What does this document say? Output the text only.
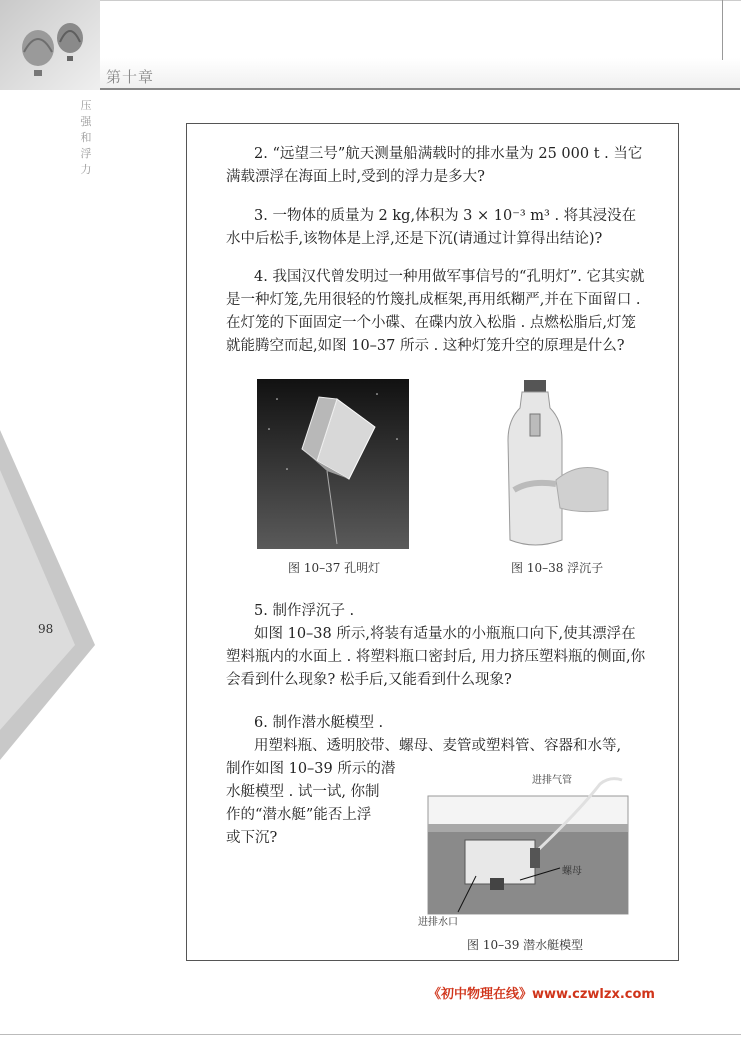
第十章
压强和浮力
98
2. “远望三号”航天测量船满载时的排水量为 25 000 t . 当它满载漂浮在海面上时,受到的浮力是多大?
3. 一物体的质量为 2 kg,体积为 3 × 10⁻³ m³ . 将其浸没在水中后松手,该物体是上浮,还是下沉(请通过计算得出结论)?
4. 我国汉代曾发明过一种用做军事信号的“孔明灯”. 它其实就是一种灯笼,先用很轻的竹篾扎成框架,再用纸糊严,并在下面留口 . 在灯笼的下面固定一个小碟、在碟内放入松脂 . 点燃松脂后,灯笼就能腾空而起,如图 10–37 所示 . 这种灯笼升空的原理是什么?
图 10–37 孔明灯	图 10–38 浮沉子
5. 制作浮沉子 .
如图 10–38 所示,将装有适量水的小瓶瓶口向下,使其漂浮在塑料瓶内的水面上 . 将塑料瓶口密封后, 用力挤压塑料瓶的侧面,你会看到什么现象? 松手后,又能看到什么现象?
6. 制作潜水艇模型 .
用塑料瓶、透明胶带、螺母、麦管或塑料管、容器和水等,
制作如图 10–39 所示的潜
水艇模型 . 试一试, 你制
作的“潜水艇”能否上浮
或下沉?
进排气管
螺母
进排水口
图 10–39 潜水艇模型
《初中物理在线》www.czwlzx.com
